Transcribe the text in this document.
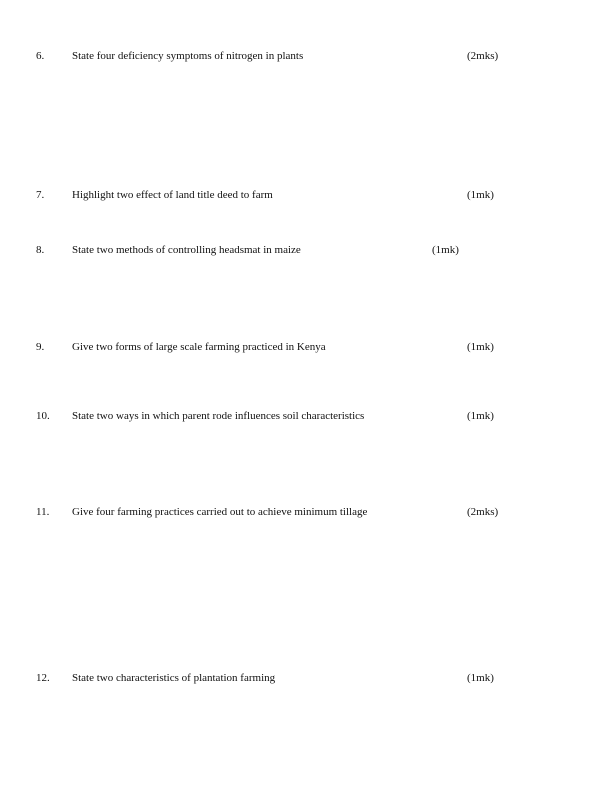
6.	State four deficiency symptoms of nitrogen in plants	(2mks)
7.	Highlight two effect of land title deed to farm	(1mk)
8.	State two methods of controlling headsmat in maize	(1mk)
9.	Give two forms of large scale farming practiced in Kenya	(1mk)
10. State two ways in which parent rode influences soil characteristics	(1mk)
11. Give four farming practices carried out to achieve minimum tillage	(2mks)
12. State two characteristics of plantation farming	(1mk)
